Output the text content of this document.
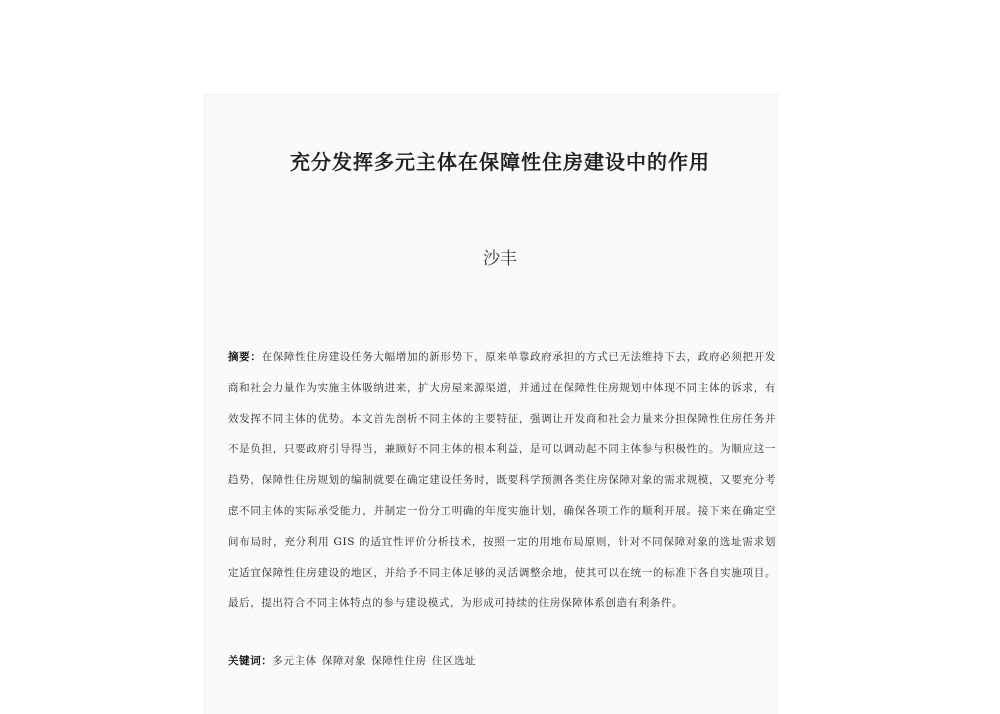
充分发挥多元主体在保障性住房建设中的作用

沙丰

摘要：在保障性住房建设任务大幅增加的新形势下，原来单靠政府承担的方式已无法维持下去，政府必须把开发商和社会力量作为实施主体吸纳进来，扩大房屋来源渠道，并通过在保障性住房规划中体现不同主体的诉求，有效发挥不同主体的优势。本文首先剖析不同主体的主要特征，强调让开发商和社会力量来分担保障性住房任务并不是负担，只要政府引导得当，兼顾好不同主体的根本利益，是可以调动起不同主体参与积极性的。为顺应这一趋势，保障性住房规划的编制就要在确定建设任务时，既要科学预测各类住房保障对象的需求规模，又要充分考虑不同主体的实际承受能力，并制定一份分工明确的年度实施计划，确保各项工作的顺利开展。接下来在确定空间布局时，充分利用 GIS 的适宜性评价分析技术，按照一定的用地布局原则，针对不同保障对象的选址需求划定适宜保障性住房建设的地区，并给予不同主体足够的灵活调整余地，使其可以在统一的标准下各自实施项目。最后，提出符合不同主体特点的参与建设模式，为形成可持续的住房保障体系创造有利条件。

关键词：多元主体 保障对象 保障性住房 住区选址
